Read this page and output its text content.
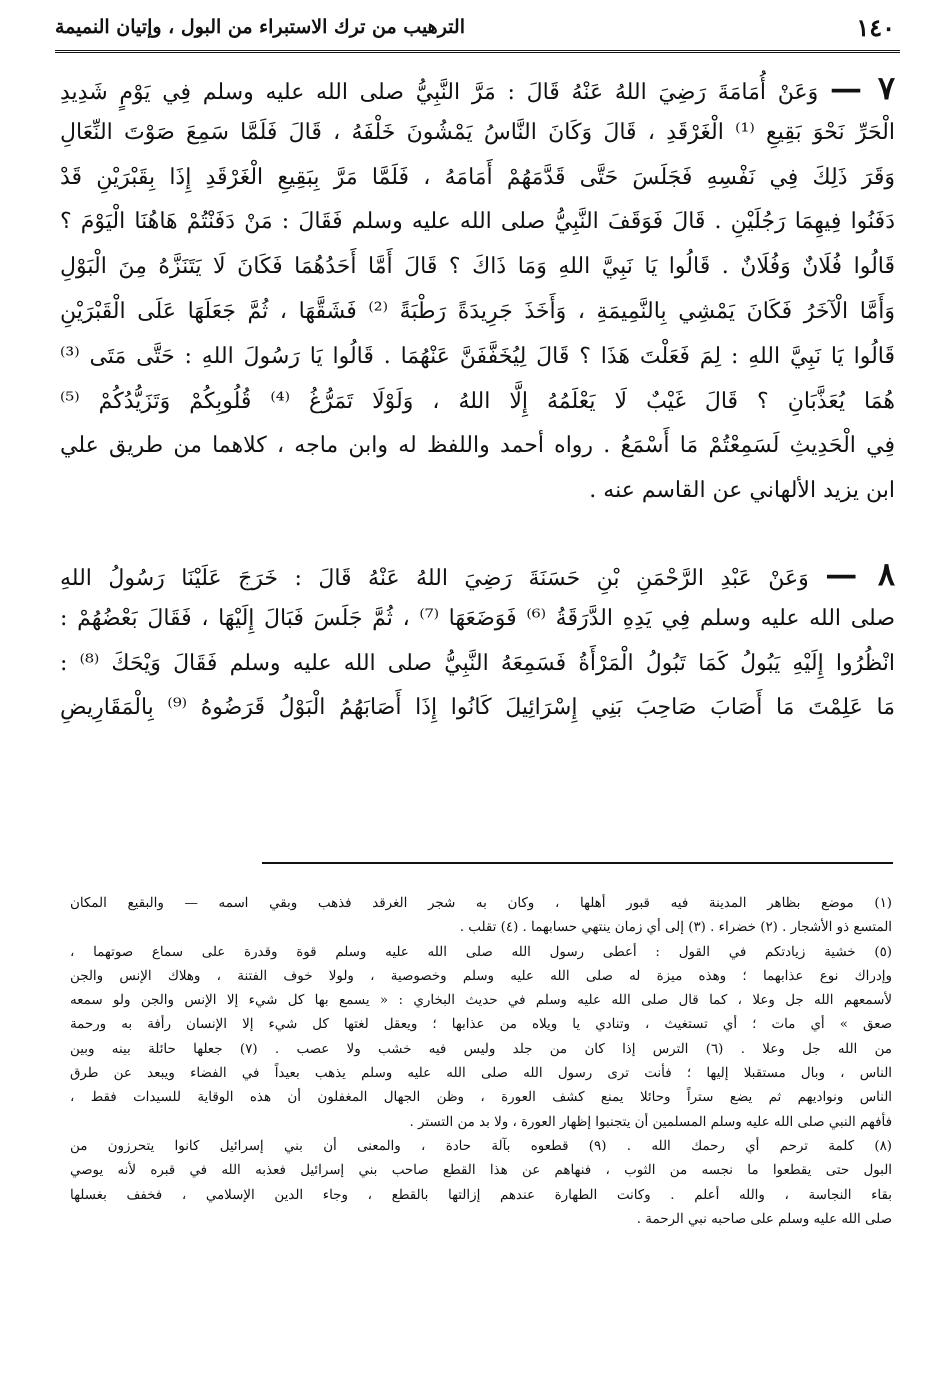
١٤٠
الترهيب من ترك الاستبراء من البول ، وإتيان النميمة
٧ — وَعَنْ أُمَامَةَ رَضِيَ اللهُ عَنْهُ قَالَ : مَرَّ النَّبِيُّ صلى الله عليه وسلم فِي يَوْمٍ شَدِيدِ
الْحَرِّ نَحْوَ بَقِيعِ ⁽¹⁾ الْغَرْقَدِ ، قَالَ وَكَانَ النَّاسُ يَمْشُونَ خَلْفَهُ ، قَالَ فَلَمَّا سَمِعَ صَوْتَ النِّعَالِ
وَقَرَ ذَلِكَ فِي نَفْسِهِ فَجَلَسَ حَتَّى قَدَّمَهُمْ أَمَامَهُ ، فَلَمَّا مَرَّ بِبَقِيعِ الْغَرْقَدِ إِذَا بِقَبْرَيْنِ قَدْ
دَفَنُوا فِيهِمَا رَجُلَيْنِ . قَالَ فَوَقَفَ النَّبِيُّ صلى الله عليه وسلم فَقَالَ : مَنْ دَفَنْتُمْ هَاهُنَا الْيَوْمَ ؟
قَالُوا فُلَانٌ وَفُلَانٌ . قَالُوا يَا نَبِيَّ اللهِ وَمَا ذَاكَ ؟ قَالَ أَمَّا أَحَدُهُمَا فَكَانَ لَا يَتَنَزَّهُ مِنَ الْبَوْلِ
وَأَمَّا الْآخَرُ فَكَانَ يَمْشِي بِالنَّمِيمَةِ ، وَأَخَذَ جَرِيدَةً رَطْبَةً ⁽²⁾ فَشَقَّهَا ، ثُمَّ جَعَلَهَا عَلَى الْقَبْرَيْنِ
قَالُوا يَا نَبِيَّ اللهِ : لِمَ فَعَلْتَ هَذَا ؟ قَالَ لِيُخَفَّفَنَّ عَنْهُمَا . قَالُوا يَا رَسُولَ اللهِ : حَتَّى مَتَى ⁽³⁾
هُمَا يُعَذَّبَانِ ؟ قَالَ غَيْبٌ لَا يَعْلَمُهُ إِلَّا اللهُ ، وَلَوْلَا تَمَرُّغُ ⁽⁴⁾ قُلُوبِكُمْ وَتَزَيُّدُكُمْ ⁽⁵⁾
فِي الْحَدِيثِ لَسَمِعْتُمْ مَا أَسْمَعُ . رواه أحمد واللفظ له وابن ماجه ، كلاهما من طريق علي
ابن يزيد الألهاني عن القاسم عنه .
٨ — وَعَنْ عَبْدِ الرَّحْمَنِ بْنِ حَسَنَةَ رَضِيَ اللهُ عَنْهُ قَالَ : خَرَجَ عَلَيْنَا رَسُولُ اللهِ
صلى الله عليه وسلم فِي يَدِهِ الدَّرَقَةُ ⁽⁶⁾ فَوَضَعَهَا ⁽⁷⁾ ، ثُمَّ جَلَسَ فَبَالَ إِلَيْهَا ، فَقَالَ بَعْضُهُمْ :
انْظُرُوا إِلَيْهِ يَبُولُ كَمَا تَبُولُ الْمَرْأَةُ فَسَمِعَهُ النَّبِيُّ صلى الله عليه وسلم فَقَالَ وَيْحَكَ ⁽⁸⁾ :
مَا عَلِمْتَ مَا أَصَابَ صَاحِبَ بَنِي إِسْرَائِيلَ كَانُوا إِذَا أَصَابَهُمُ الْبَوْلُ قَرَضُوهُ ⁽⁹⁾ بِالْمَقَارِيضِ
(١) موضع بظاهر المدينة فيه قبور أهلها ، وكان به شجر الغرقد فذهب وبقي اسمه — والبقيع المكان
المتسع ذو الأشجار . (٢) خضراء . (٣) إلى أي زمان ينتهي حسابهما . (٤) تقلب .
(٥) خشية زيادتكم في القول : أعطى رسول الله صلى الله عليه وسلم قوة وقدرة على سماع صوتهما ،
وإدراك نوع عذابهما ؛ وهذه ميزة له صلى الله عليه وسلم وخصوصية ، ولولا خوف الفتنة ، وهلاك الإنس والجن
لأسمعهم الله جل وعلا ، كما قال صلى الله عليه وسلم في حديث البخاري : « يسمع بها كل شيء إلا الإنس والجن ولو سمعه
صعق » أي مات ؛ أي تستغيث ، وتنادي يا ويلاه من عذابها ؛ ويعقل لغتها كل شيء إلا الإنسان رأفة به ورحمة
من الله جل وعلا . (٦) الترس إذا كان من جلد وليس فيه خشب ولا عصب . (٧) جعلها حائلة بينه وبين
الناس ، وبال مستقبلا إليها ؛ فأنت ترى رسول الله صلى الله عليه وسلم يذهب بعيداً في الفضاء ويبعد عن طرق
الناس ونواديهم ثم يضع ستراً وحائلا يمنع كشف العورة ، وظن الجهال المغفلون أن هذه الوقاية للسيدات فقط ،
فأفهم النبي صلى الله عليه وسلم المسلمين أن يتجنبوا إظهار العورة ، ولا بد من التستر .
(٨) كلمة ترحم أي رحمك الله . (٩) قطعوه بآلة حادة ، والمعنى أن بني إسرائيل كانوا يتحرزون من
البول حتى يقطعوا ما نجسه من الثوب ، فنهاهم عن هذا القطع صاحب بني إسرائيل فعذبه الله في قبره لأنه يوصي
بقاء النجاسة ، والله أعلم . وكانت الطهارة عندهم إزالتها بالقطع ، وجاء الدين الإسلامي ، فخفف بغسلها
صلى الله عليه وسلم على صاحبه نبي الرحمة .
